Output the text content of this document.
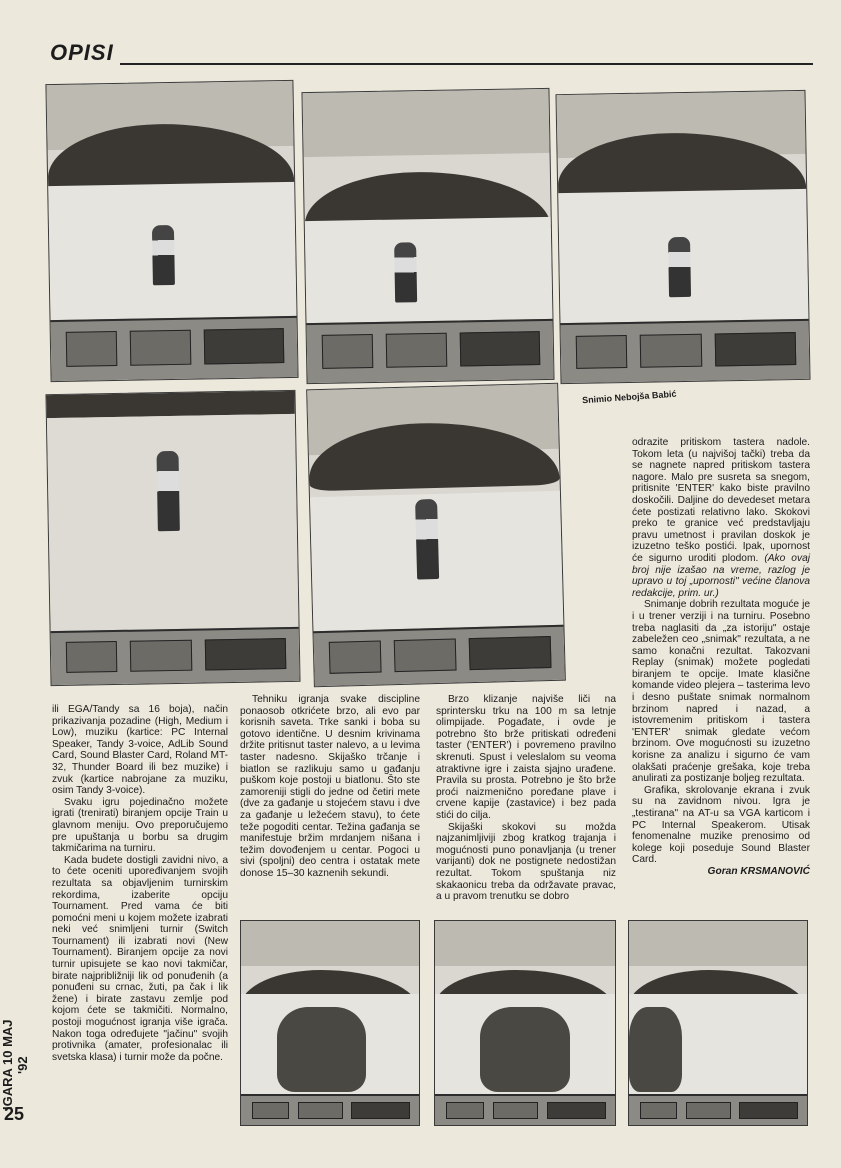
OPISI
Snimio Nebojša Babić

ili EGA/Tandy sa 16 boja), način prikazivanja pozadine (High, Medium i Low), muziku (kartice: PC Internal Speaker, Tandy 3-voice, AdLib Sound Card, Sound Blaster Card, Roland MT-32, Thunder Board ili bez muzike) i zvuk (kartice nabrojane za muziku, osim Tandy 3-voice).

Svaku igru pojedinačno možete igrati (trenirati) biranjem opcije Train u glavnom meniju. Ovo preporučujemo pre upuštanja u borbu sa drugim takmičarima na turniru.

Kada budete dostigli zavidni nivo, a to ćete oceniti upoređivanjem svojih rezultata sa objavljenim turnirskim rekordima, izaberite opciju Tournament. Pred vama će biti pomoćni meni u kojem možete izabrati neki već snimljeni turnir (Switch Tournament) ili izabrati novi (New Tournament). Biranjem opcije za novi turnir upisujete se kao novi takmičar, birate najpribližniji lik od ponuđenih (a ponuđeni su crnac, žuti, pa čak i lik žene) i birate zastavu zemlje pod kojom ćete se takmičiti. Normalno, postoji mogućnost igranja više igrača. Nakon toga određujete "jačinu" svojih protivnika (amater, profesionalac ili svetska klasa) i turnir može da počne.

Tehniku igranja svake discipline ponaosob otkrićete brzo, ali evo par korisnih saveta. Trke sanki i boba su gotovo identične. U desnim krivinama držite pritisnut taster nalevo, a u levima taster nadesno. Skijaško trčanje i biatlon se razlikuju samo u gađanju puškom koje postoji u biatlonu. Što ste zamoreniji stigli do jedne od četiri mete (dve za gađanje u stojećem stavu i dve za gađanje u ležećem stavu), to ćete teže pogoditi centar. Težina gađanja se manifestuje bržim mrdanjem nišana i težim dovođenjem u centar. Pogoci u sivi (spoljni) deo centra i ostatak mete donose 15–30 kaznenih sekundi.

Brzo klizanje najviše liči na sprintersku trku na 100 m sa letnje olimpijade. Pogađate, i ovde je potrebno što brže pritiskati određeni taster ('ENTER') i povremeno pravilno skrenuti. Spust i veleslalom su veoma atraktivne igre i zaista sjajno urađene. Pravila su prosta. Potrebno je što brže proći naizmenično poređane plave i crvene kapije (zastavice) i bez pada stići do cilja.

Skijaški skokovi su možda najzanimljiviji zbog kratkog trajanja i mogućnosti puno ponavljanja (u trener varijanti) dok ne postignete nedostižan rezultat. Tokom spuštanja niz skakaonicu treba da održavate pravac, a u pravom trenutku se dobro

odrazite pritiskom tastera nadole. Tokom leta (u najvišoj tački) treba da se nagnete napred pritiskom tastera nagore. Malo pre susreta sa snegom, pritisnite 'ENTER' kako biste pravilno doskočili. Daljine do devedeset metara ćete postizati relativno lako. Skokovi preko te granice već predstavljaju pravu umetnost i pravilan doskok je izuzetno teško postići. Ipak, upornost će sigurno uroditi plodom. (Ako ovaj broj nije izašao na vreme, razlog je upravo u toj „upornosti" većine članova redakcije, prim. ur.)

Snimanje dobrih rezultata moguće je i u trener verziji i na turniru. Posebno treba naglasiti da „za istoriju" ostaje zabeležen ceo „snimak" rezultata, a ne samo konačni rezultat. Takozvani Replay (snimak) možete pogledati biranjem te opcije. Imate klasične komande video plejera – tasterima levo i desno puštate snimak normalnom brzinom napred i nazad, a istovremenim pritiskom i tastera 'ENTER' snimak gledate većom brzinom. Ove mogućnosti su izuzetno korisne za analizu i sigurno će vam olakšati praćenje grešaka, koje treba anulirati za postizanje boljeg rezultata.

Grafika, skrolovanje ekrana i zvuk su na zavidnom nivou. Igra je „testirana" na AT-u sa VGA karticom i PC Internal Speakerom. Utisak fenomenalne muzike prenosimo od kolege koji poseduje Sound Blaster Card.

Goran KRSMANOVIĆ
IGARA 10 MAJ '92
25
